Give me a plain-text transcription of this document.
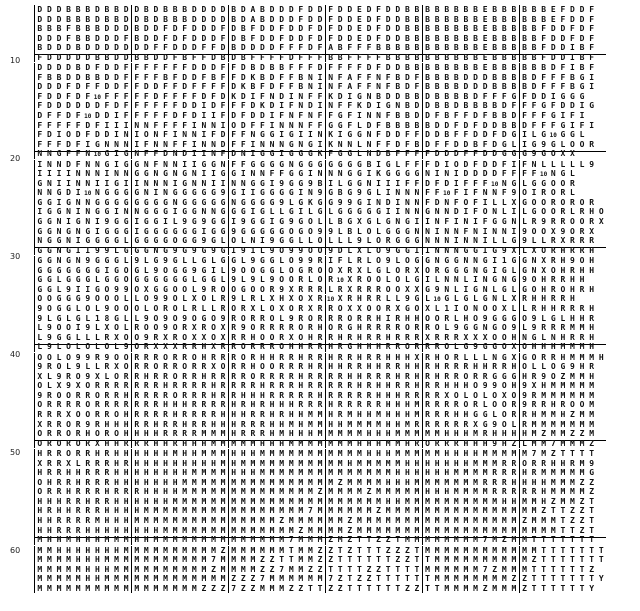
10
20
30
40
50
60
D D D B B B D B B D D B D B B B D D D D B D A B D D D F D D F D D E D F D D B B B B B B B B E B B B B B B E F D D F
D D D B B B D B B D D B D B B B D D D D B D A B D D D F D D F D D E D F D D B B B B B B B B E B B B B B B E F D D F
B B B F B B B D D D B D D F D F D D D F D B F D D F D D F D F D D E D F D D B B B B B B B B E B B B B B F D D F D F
D D D F B B D D D F B D D F D F D D D F D B F D D F D D F D F D D E D F D D B B B B B B B B E B B B B B F D D F D F
B D D D B D D D D D D D F F D D D F F D B D D D D F F F D F A B F F F B B B B B B B B B B B E B B B B B F D D I B F
F D D D D D B B D D B B D D F B F F D B D B F F F F D F F F B B F F F F B B B B B B B B B B E B B B B B F D D I B F
D D D D B D F D D F F F F F F F D D D F F D B D B B F F F D F F F F D F D D B B B B B B B B E B B B B B B D F I B F
F B B D D B B D D F F F F B F D D F B F F D K B D F F B N I N F A F F N F B D F B B B B D D D B B B B D F F F B G I
D D D F D F F D D F F D D F F D F F F F D K B F D F F B N I N F A F F N F B D F B B B B D D D B B B B D F F F B G I
F D D F D F 10 F F F F F D F F F F D F D K D I F N D I N F F K D I G N B D D B B D B B B B D F F F G F D D I G G G
F D D D D D D F D F F F F F F D D I D F F F D K D I F N D I N F F K D I G N B D D B B D B B B B D F F F G F D D I G
D F F D F 10 D D I F F F F F D F D I I F D F D D I F N F N F F G F I N N F B B D D F B F F D F B B D F F F G I F I
F F F F F D F I I I N N F F F F I N N I O D F F I N N N F F G G F L D F B B B B B D D F D F D D B B D F F F G I F I
F D I O D F D D I N I O N F I N N I F D F F N G G I G I I N K I G G N F D D F F D D B F F D D F D G I L G 10 G G L
F F F D F I G N N N I F N N F F I N N D F F I N N N G N G I K N N L N F F D F B D F F D D B F D G L I G 9 G L O O R
N N G F F N 10 G I G N F F D N D I I N F D N I G G I G G G K F G G L N D B F F F F D D D F F D D G G G 9 G O X X
I N N D F N N G I G G N F N N I I G G N F F G G G G N G G G G G G G B I G L F F F D I O D F D D F I F N L L L L L 9
I I I I N N N I N N G G N G N G N I I G G I N N F F G G I N N N G G I K G G G G N I N I D D D D F F F F 10 N G L
G N I I N N I I G I I N N N I G N N I I N N G G I 9 G G 9 B I L G G N I I I F F D F D I F F F 10 N G L G G O O R
N N G D I 10 N G G G G N I N G G G G G 9 G I I G G G G I N 9 G B G 9 G L I N N N F F 10 F I F N N F 9 O I R O R L
G G I G N N G G G G G G G G N G G G G G N G G G G 9 L G K G G 9 9 G I N D I N N F D N F O F I L L X G O O R O R O R
I G G N I N G G I N N G G G I G G N N G G G I G L L G I L G L G G G G G I I N N G N N D I F O N L I L G O O R L R H O
G G N I G N I 9 G G I G G I L 9 G 9 G G I 9 G G I G 9 G O L L B G X G L G N G I I N F I N I F G G N L R 9 R R O O R X
G G N G N G I G G G I G G G G G G I G G 9 G G G G G O G O 9 9 L B L O L G G G N N I N N F N I N N I 9 O O X 9 O R X
N G G N I G G G G L G G G G O G G 9 G L O L N I 9 G G L L O L L L 9 L O R G G G N N N I N N I L L G 9 L L R X R R R
G G N G I I 9 9 L G G G N G 9 G 9 G 9 G I 9 1 L 9 O 9 9 O O 9 D L X L O 9 G G I I N N N G G I G 9 X L X O R H R R H
G G N G N 9 G G G L 9 L G 9 G L L G L G G L 9 G G L O 9 9 R I F L R L O 9 L O G G N G G N N G I 1 G G N X R H 9 O H
G G G G G G G I G O G L 9 O G G 9 G I L 9 O O G G L O G R O O X R X L G L O R X O R G G G N G I G L G N X O H R H H
G G L G G G L G G O G G G G G G L G G L 9 L 9 L 9 O O R L O R 10 X R O O L O L G I L N N L I N G N G 9 O H R R H H
G G L 9 I I G O 9 9 O X G G O O L 9 R O O G O O R 9 X R R R L R X R R R O O X X G 9 N L I G N L G L G O H R O H R H
O O G G G 9 O O O L L O 9 9 O L X O L R 9 L R L X H X O X R 10 X R H R R L L 9 G L 10 G L G L G N L X R H H R R H
9 O G G L O L 9 O O O L O R O L R L L R O R X L O X O R X R R O X X O O R X G O X L 1 I O N O O X L L R H H R R R H
9 L G L G L 1 8 G L L 9 O 9 O 9 O G O 9 R O R R O L 9 R O R R R O R R H I R H H O O R L H O 9 G G G O 9 L G L H H R
L 9 O O I 9 L X O L R O O 9 O R X R O X R 9 O R R R R O R H O R G H R R R R O R R O L 9 G G N G O 9 L 9 R R R M M H
L 9 G G L L L R X O O 9 R X R O X X O X R R H O O R X O H R R H R H R R H R R R X R R R X X X O O H N G L N H R R H
L 9 L O L O L O L 9 O R X X X R R H X R R O R R R O H H R R H R G H H H R R O R R R O L G 9 G G O X O H H H M M M H
O O L O 9 9 R 9 O O R R R O R R O H R R R O R H H R R H R R H R R H R R H H H X R H O R L L L N G X G O R R H M M M H
9 R O L 9 L L R X O R R O R R O R R X O R R H O O R R R H R H H R R H H R R H H R H R R R H H R R H O L L O G 9 H R
X L 9 R O 9 X L O R R H R R O R R H R R R R O R R R R H R R R R H H R R R H R H R H R R O R R G G G H R 9 O Z M M H
O L X 9 X O R R R R R R R H R R R R H R R R R H R R R H R R R R R H R H H R R H R R H H H O 9 9 O H 9 X H M M M M M
9 R O O R R O R R H R R R R O R R R H R R H H H R R R R R H R R R R R H H H R R R R X O L O L O X O 9 R M M M M M M
O R R R R O R R R R R R R H H H R R R R H R H R H H H R R R H R R R R R H H H M R R R R O R L O O R 9 R R H R O O M
R R R X O O R R O H R R R R H R R R R H H H R R H R H H M M H R M H H M H H H M R R R H H G G L O R R H M M H Z M M
X R R O R 9 R H H H R R H R R H R R H H H R R R H H M H M M H H M M M M H H M R R R R R R X G 9 O L R M M M M M M M
O R R O R H O R O H H H H R R R R M M M H R R R H M H H H M M M M M H H H M M M M M H H H M R H H H H M Z M M Z Z M
O R O R O R X H H R R R H H R H H H M M M M M H H H M M M M M M M H H H M M H R O R R R H H H 9 H Z L M M 7 M M M Z
H R R O R R H R H H H H H H M H H M M M H H H M M M M M M M M M M M H H H M M M M M H H H H M M M M M 7 M Z T T T T
X R R X L R R R H R H H H H H H H H H M H M M M M M M M M M M M H M M M M M H H H H H H H M M M R R O R R H H R M 9
H R R H H R R R H H H H H H H H M M M M H H H M M M M M M M M M M M M M M H H H H H H M M M M R R R H R M M M M M G
O H R R H R R R H H H H H H H M M M M M M M M M M M M M M M M Z M M M M H H H M M M M M M M R R R H H H H M M M Z Z
O R R H R R R H R R R H H H H M M M M M M M M M M M M M M Z M M M M Z M M M M M H H H M M M M R R R R R H M M M M Z
H H H R R H R R H H H H H H M M M M M M M M M M M M M M M M M M M M M M H H M M M M M M M M M M H H M M H Z M M Z T
H R H H R R R H H H H M M M M M M M M M M M M M M M M M 7 M M M M M M Z M M M M M M M M M M M M M M M M Z T T Z Z T
H H R R R R M H H H M M M M M M M M M M M M M M M Z M M M M M M Z M M M M M M M M M M M M M M M M M Z M M M T Z Z T
H H R R R H H H H H H H H M M M M M M M M M M M M M M Z M M M M Z M M M M M M M M M M M M M M M M M M M M M T T Z T
M H H M H H H M M M H H M M M M M M M M M M M M M M 7 M M M Z M Z T T Z Z T M M M M M M M M 7 M Z M M T T T T T T T
M M H H H H H H H M M M M M M M M M M Z M M M M M M T M M Z Z T Z T T T Z Z Z T M M M M M M M M M M M M T T T T T T T
M M M M H H H M M M M M M M M M M M 7 M M M M Z Z T T M M Z Z T T T T T T Z Z T T M M M M M M M M M M Z T T T T T T T
M M M M M H H H M M M M M M M M M M Z M M M M Z Z 7 M M Z Z T T T T Z Z T T T T M M M M M M 7 Z M M M T T T T T T Z
M M M M M H H M M M M M M M M M M M M M Z Z Z 7 M M M M M M 7 Z T Z Z T T T T T T M M M M M M M M Z Z T T T T T T T Y
M M M M M M M M M M M M M M M M M Z Z Z 7 Z Z M M M Z Z T T Z Z T T T T T T Z Z T T M M M M Z M M M Z T T T T T T Y
